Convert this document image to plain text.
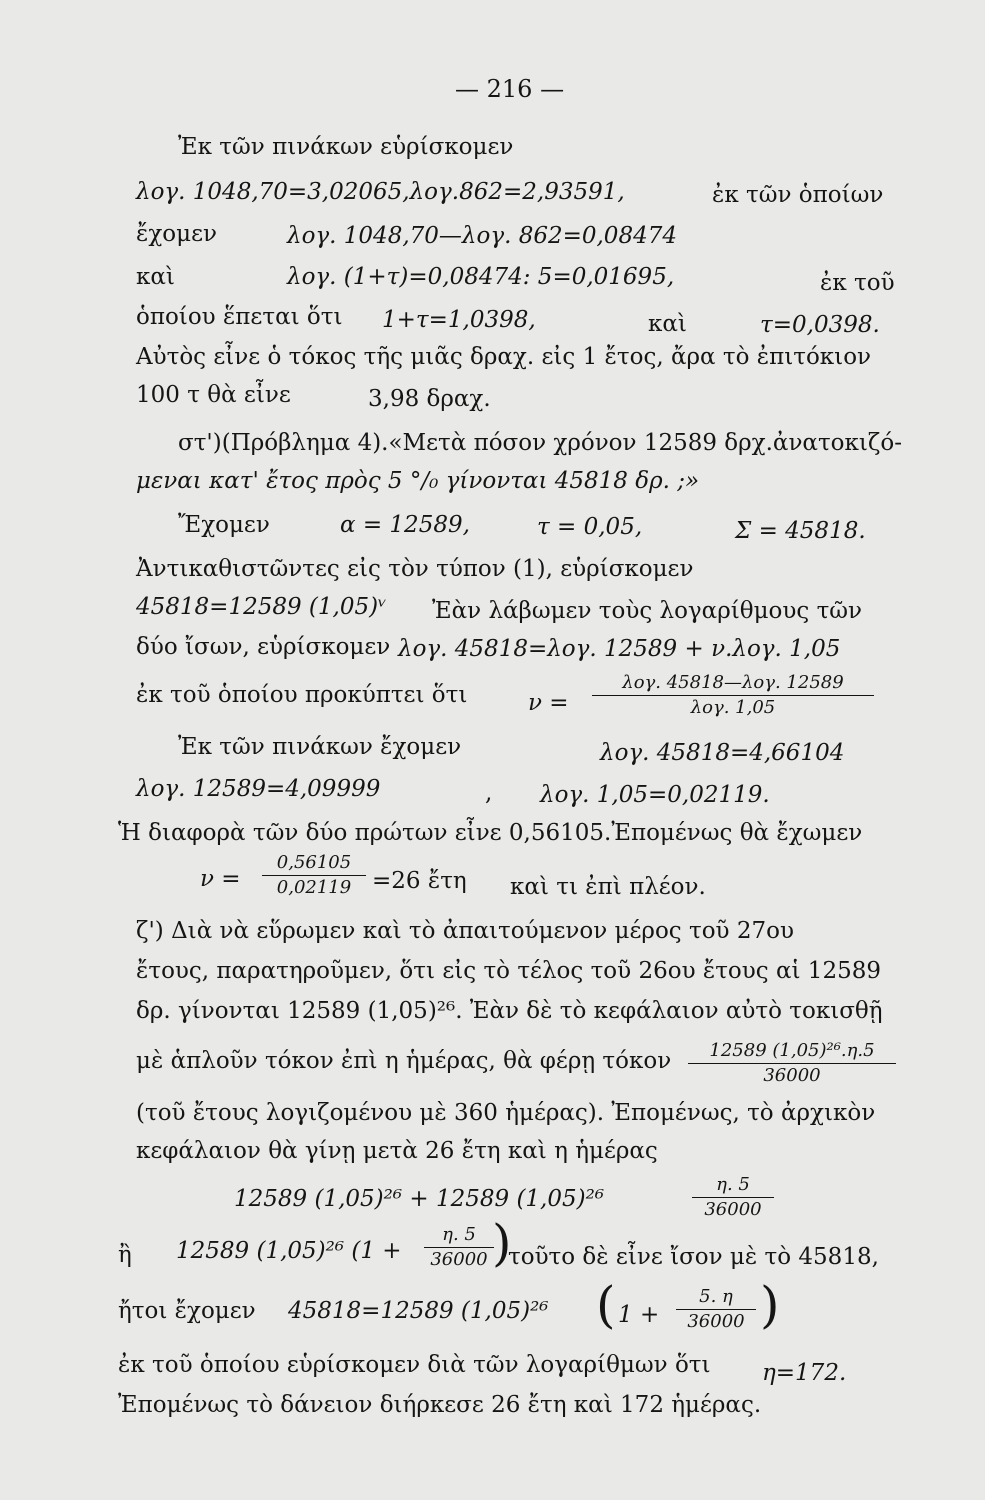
— 216 —
Ἐκ τῶν πινάκων εὑρίσκομεν
λογ. 1048,70=3,02065,λογ.862=2,93591,	ἐκ τῶν ὁποίων
ἔχομεν	λογ. 1048,70—λογ. 862=0,08474
καὶ	λογ. (1+τ)=0,08474: 5=0,01695,	ἐκ τοῦ
ὁποίου ἕπεται ὅτι 1+τ=1,0398,	καὶ	τ=0,0398.
Αὐτὸς εἶνε ὁ τόκος τῆς μιᾶς δραχ. εἰς 1 ἔτος, ἄρα τὸ ἐπιτόκιον
100 τ θὰ εἶνε	3,98 δραχ.
στ')(Πρόβλημα 4).«Μετὰ πόσον χρόνον 12589 δρχ.ἀνατοκιζό-
μεναι κατ' ἔτος πρὸς 5 °/₀ γίνονται 45818 δρ. ;»
Ἔχομεν	α = 12589,	τ = 0,05,	Σ = 45818.
Ἀντικαθιστῶντες εἰς τὸν τύπον (1), εὑρίσκομεν
45818=12589 (1,05)ᵛ Ἐὰν λάβωμεν τοὺς λογαρίθμους τῶν
δύο ἴσων, εὑρίσκομεν λογ. 45818=λογ. 12589 + ν.λογ. 1,05
ἐκ τοῦ ὁποίου προκύπτει ὅτι	ν =
λογ. 45818—λογ. 12589
λογ. 1,05
Ἐκ τῶν πινάκων ἔχομεν	λογ. 45818=4,66104
λογ. 12589=4,09999	, λογ. 1,05=0,02119.
Ἡ διαφορὰ τῶν δύο πρώτων εἶνε 0,56105.Ἐπομένως θὰ ἔχωμεν
$\nu = \frac{0,56105}{0,02119} =26$ ἔτη καὶ τι ἐπὶ πλέον.
ζ') Διὰ νὰ εὕρωμεν καὶ τὸ ἀπαιτούμενον μέρος τοῦ 27ου
ἔτους, παρατηροῦμεν, ὅτι εἰς τὸ τέλος τοῦ 26ου ἔτους αἱ 12589
δρ. γίνονται 12589 (1,05)²⁶. Ἐὰν δὲ τὸ κεφάλαιον αὐτὸ τοκισθῇ
μὲ ἁπλοῦν τόκον ἐπὶ η ἡμέρας, θὰ φέρῃ τόκον $\frac{\text{12589 (1,05)²⁶.η.5}}{36000}$
(τοῦ ἔτους λογιζομένου μὲ 360 ἡμέρας). Ἐπομένως, τὸ ἀρχικὸν
κεφάλαιον θὰ γίνῃ μετὰ 26 ἔτη καὶ η ἡμέρας
12589 (1,05)²⁶ + 12589 (1,05)²⁶	$\frac{\eta. 5}{36000}$
ἢ 12589 (1,05)²⁶ ($1 + \frac{\eta. 5}{36000}$
)
τοῦτο δὲ εἶνε ἴσον μὲ τὸ 45818,
ἤτοι ἔχομεν 45818=12589 (1,05)²⁶ ( $1 + \frac{5. \eta}{36000}$ )
ἐκ τοῦ ὁποίου εὑρίσκομεν διὰ τῶν λογαρίθμων ὅτι η=172.
Ἐπομένως τὸ δάνειον διήρκεσε 26 ἔτη καὶ 172 ἡμέρας.
